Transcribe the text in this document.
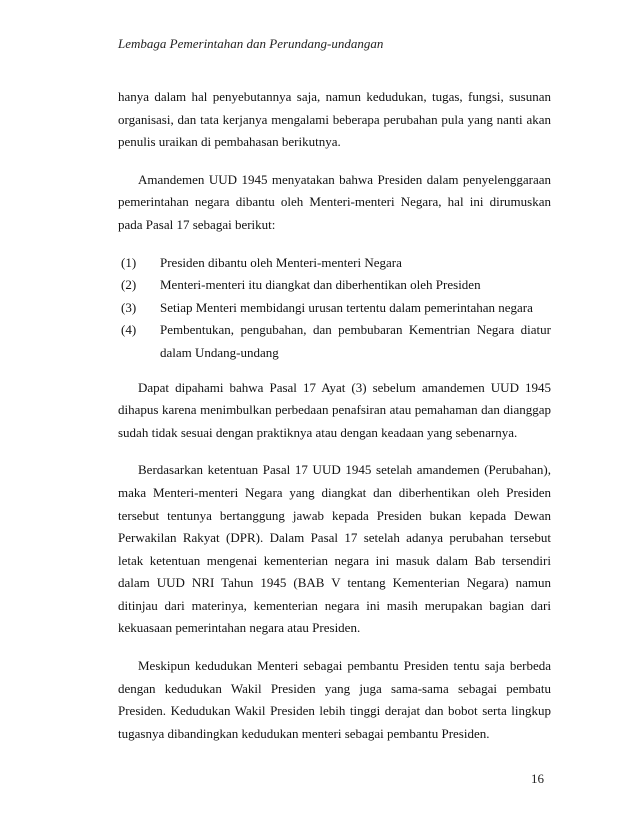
Lembaga Pemerintahan dan Perundang-undangan

hanya dalam hal penyebutannya saja, namun kedudukan, tugas, fungsi, susunan organisasi, dan tata kerjanya mengalami beberapa perubahan pula yang nanti akan penulis uraikan di pembahasan berikutnya.

Amandemen UUD 1945 menyatakan bahwa Presiden dalam penyelenggaraan pemerintahan negara dibantu oleh Menteri-menteri Negara, hal ini dirumuskan pada Pasal 17 sebagai berikut:

(1) Presiden dibantu oleh Menteri-menteri Negara
(2) Menteri-menteri itu diangkat dan diberhentikan oleh Presiden
(3) Setiap Menteri membidangi urusan tertentu dalam pemerintahan negara
(4) Pembentukan, pengubahan, dan pembubaran Kementrian Negara diatur dalam Undang-undang

Dapat dipahami bahwa Pasal 17 Ayat (3) sebelum amandemen UUD 1945 dihapus karena menimbulkan perbedaan penafsiran atau pemahaman dan dianggap sudah tidak sesuai dengan praktiknya atau dengan keadaan yang sebenarnya.

Berdasarkan ketentuan Pasal 17 UUD 1945 setelah amandemen (Perubahan), maka Menteri-menteri Negara yang diangkat dan diberhentikan oleh Presiden tersebut tentunya bertanggung jawab kepada Presiden bukan kepada Dewan Perwakilan Rakyat (DPR). Dalam Pasal 17 setelah adanya perubahan tersebut letak ketentuan mengenai kementerian negara ini masuk dalam Bab tersendiri dalam UUD NRI Tahun 1945 (BAB V tentang Kementerian Negara) namun ditinjau dari materinya, kementerian negara ini masih merupakan bagian dari kekuasaan pemerintahan negara atau Presiden.

Meskipun kedudukan Menteri sebagai pembantu Presiden tentu saja berbeda dengan kedudukan Wakil Presiden yang juga sama-sama sebagai pembatu Presiden. Kedudukan Wakil Presiden lebih tinggi derajat dan bobot serta lingkup tugasnya dibandingkan kedudukan menteri sebagai pembantu Presiden.

16
